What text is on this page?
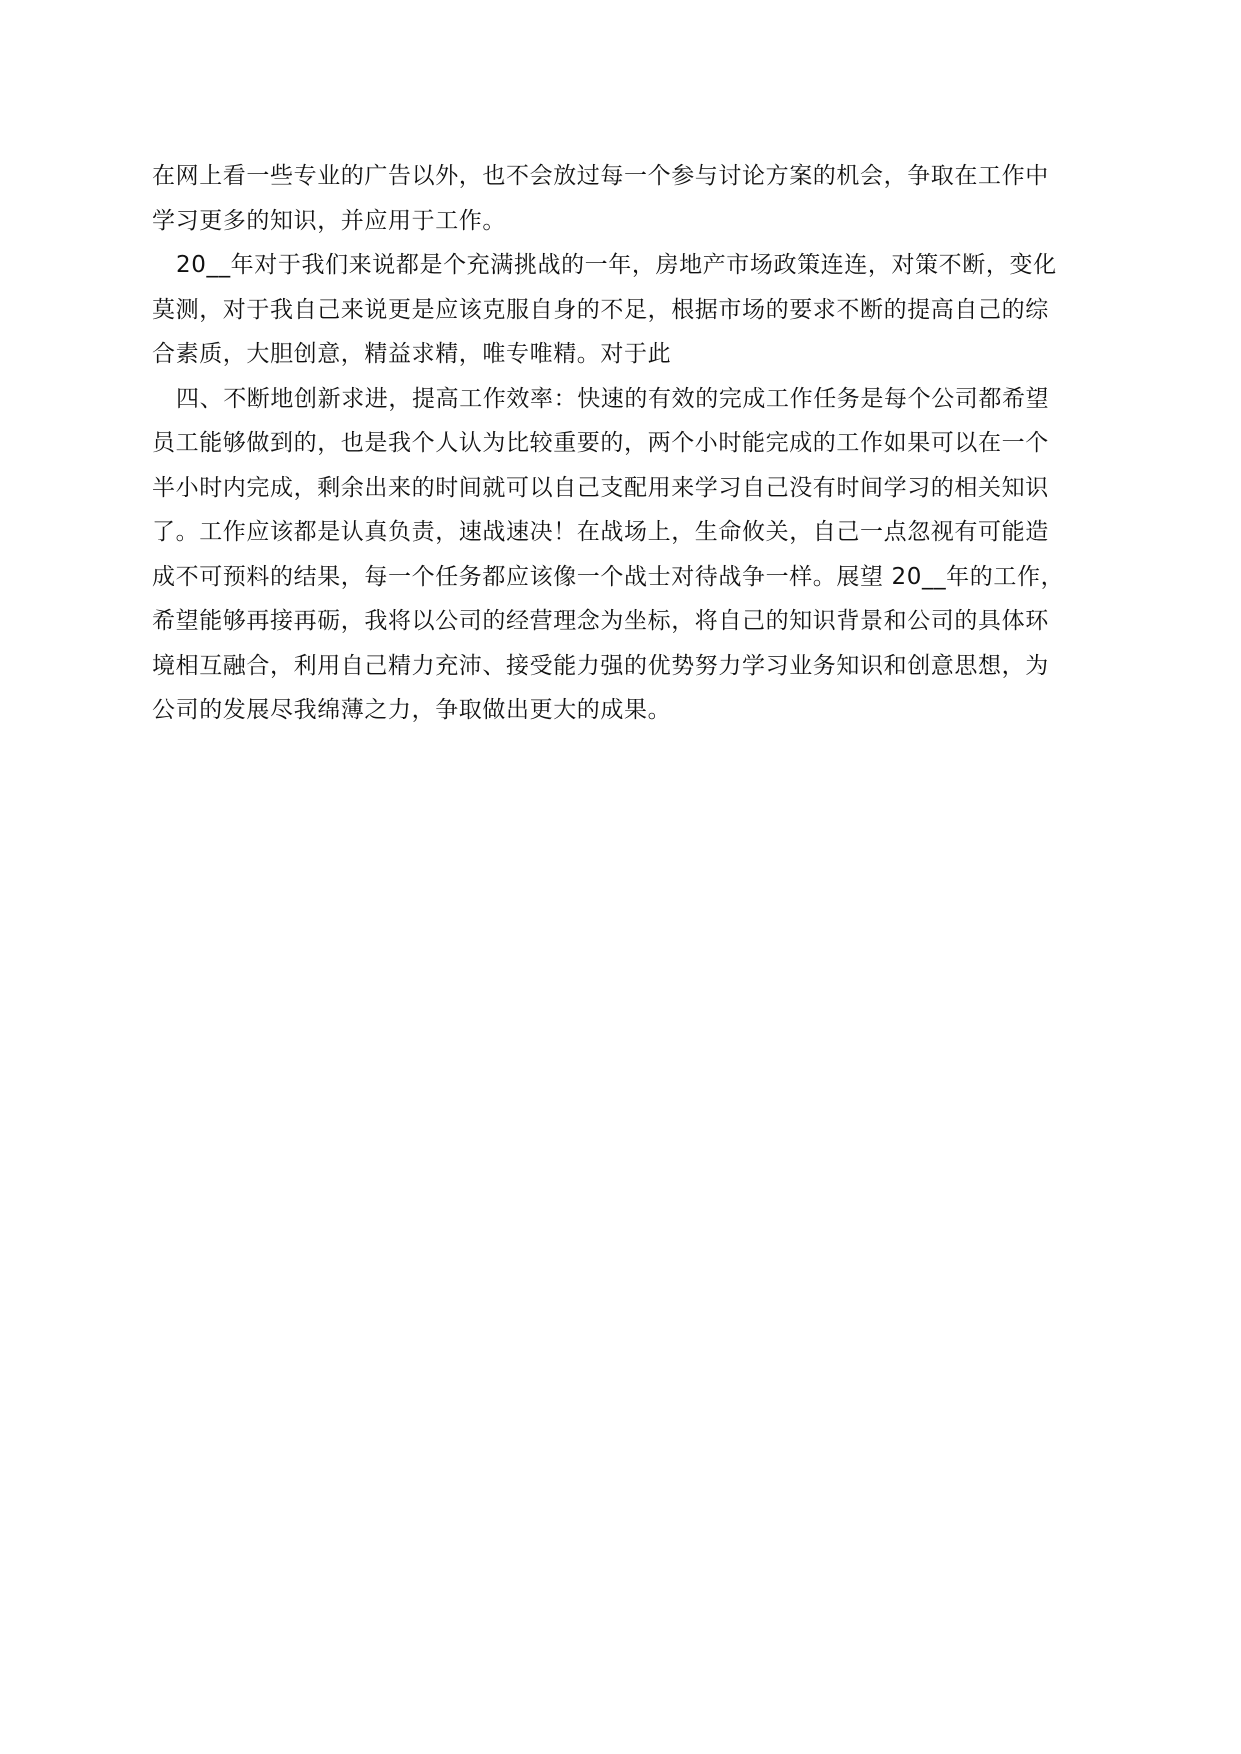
在网上看一些专业的广告以外，也不会放过每一个参与讨论方案的机会，争取在工作中
学习更多的知识，并应用于工作。

20__年对于我们来说都是个充满挑战的一年，房地产市场政策连连，对策不断，变化
莫测，对于我自己来说更是应该克服自身的不足，根据市场的要求不断的提高自己的综
合素质，大胆创意，精益求精，唯专唯精。对于此

四、不断地创新求进，提高工作效率：快速的有效的完成工作任务是每个公司都希望
员工能够做到的，也是我个人认为比较重要的，两个小时能完成的工作如果可以在一个
半小时内完成，剩余出来的时间就可以自己支配用来学习自己没有时间学习的相关知识
了。工作应该都是认真负责，速战速决！在战场上，生命攸关，自己一点忽视有可能造
成不可预料的结果，每一个任务都应该像一个战士对待战争一样。展望 20__年的工作，
希望能够再接再砺，我将以公司的经营理念为坐标，将自己的知识背景和公司的具体环
境相互融合，利用自己精力充沛、接受能力强的优势努力学习业务知识和创意思想，为
公司的发展尽我绵薄之力，争取做出更大的成果。
